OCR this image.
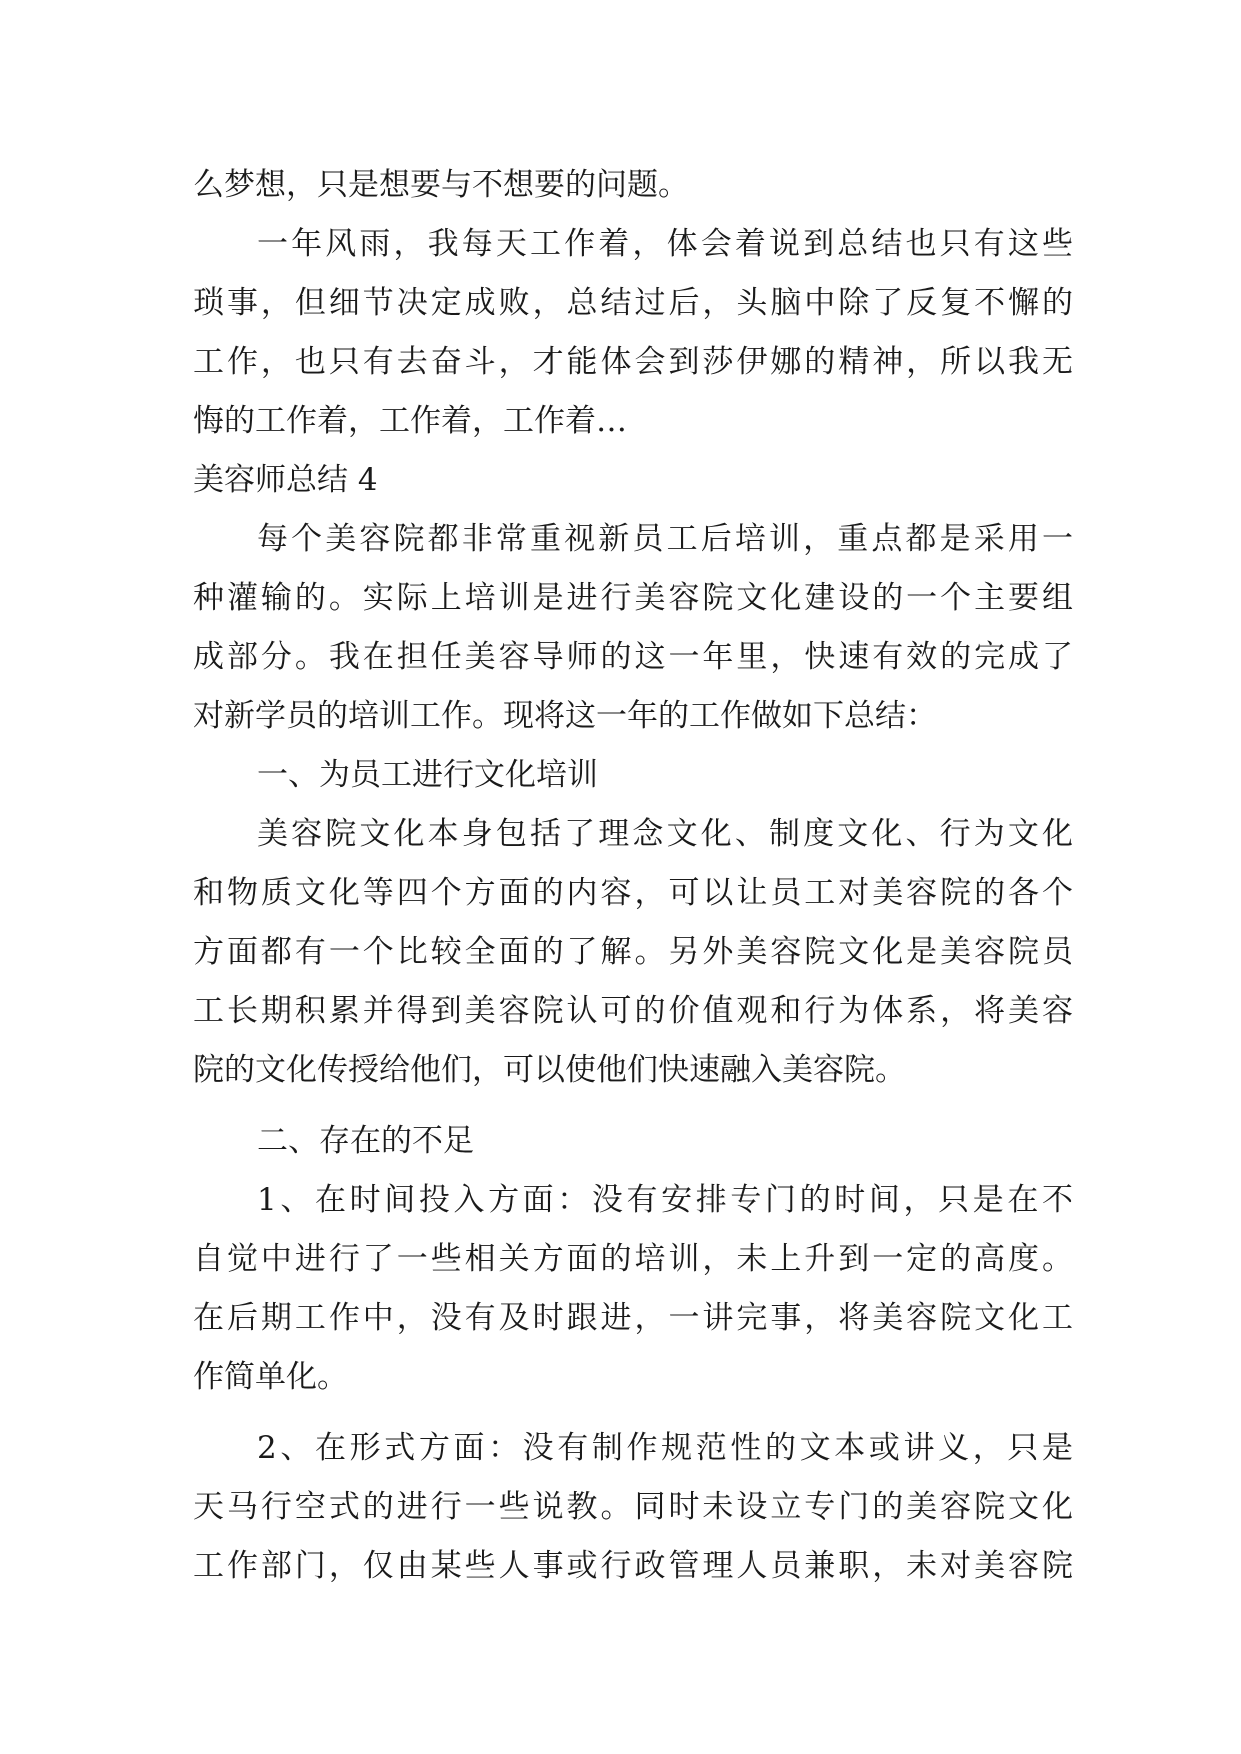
么梦想，只是想要与不想要的问题。
一年风雨，我每天工作着，体会着说到总结也只有这些
琐事，但细节决定成败，总结过后，头脑中除了反复不懈的
工作，也只有去奋斗，才能体会到莎伊娜的精神，所以我无
悔的工作着，工作着，工作着…
美容师总结 4
每个美容院都非常重视新员工后培训，重点都是采用一
种灌输的。实际上培训是进行美容院文化建设的一个主要组
成部分。我在担任美容导师的这一年里，快速有效的完成了
对新学员的培训工作。现将这一年的工作做如下总结：
一、为员工进行文化培训
美容院文化本身包括了理念文化、制度文化、行为文化
和物质文化等四个方面的内容，可以让员工对美容院的各个
方面都有一个比较全面的了解。另外美容院文化是美容院员
工长期积累并得到美容院认可的价值观和行为体系，将美容
院的文化传授给他们，可以使他们快速融入美容院。
二、存在的不足
1、在时间投入方面：没有安排专门的时间，只是在不
自觉中进行了一些相关方面的培训，未上升到一定的高度。
在后期工作中，没有及时跟进，一讲完事，将美容院文化工
作简单化。
2、在形式方面：没有制作规范性的文本或讲义，只是
天马行空式的进行一些说教。同时未设立专门的美容院文化
工作部门，仅由某些人事或行政管理人员兼职，未对美容院
